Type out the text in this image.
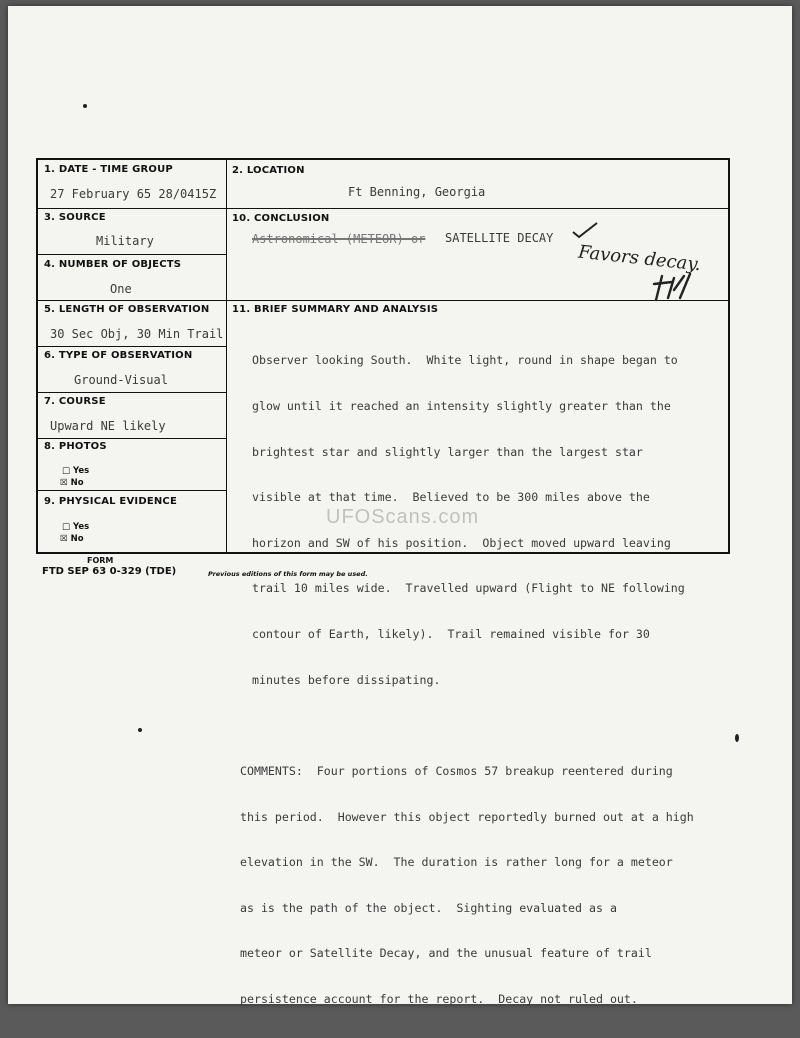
1. DATE - TIME GROUP
27 February 65 28/0415Z
2. LOCATION
Ft Benning, Georgia
3. SOURCE
Military
10. CONCLUSION
Astronomical (METEOR) or SATELLITE DECAY
Favors decay.
4. NUMBER OF OBJECTS
One
5. LENGTH OF OBSERVATION
30 Sec Obj, 30 Min Trail
11. BRIEF SUMMARY AND ANALYSIS

Observer looking South.  White light, round in shape began to

glow until it reached an intensity slightly greater than the

brightest star and slightly larger than the largest star

visible at that time.  Believed to be 300 miles above the

horizon and SW of his position.  Object moved upward leaving

trail 10 miles wide.  Travelled upward (Flight to NE following

contour of Earth, likely).  Trail remained visible for 30

minutes before dissipating.

COMMENTS:  Four portions of Cosmos 57 breakup reentered during

this period.  However this object reportedly burned out at a high

elevation in the SW.  The duration is rather long for a meteor

as is the path of the object.  Sighting evaluated as a

meteor or Satellite Decay, and the unusual feature of trail

persistence account for the report.  Decay not ruled out.

6. TYPE OF OBSERVATION
Ground-Visual
7. COURSE
Upward NE likely
8. PHOTOS
□ Yes
☒ No
9. PHYSICAL EVIDENCE
□ Yes
☒ No
UFOScans.com
FORM
FTD SEP 63 0-329 (TDE)	Previous editions of this form may be used.
